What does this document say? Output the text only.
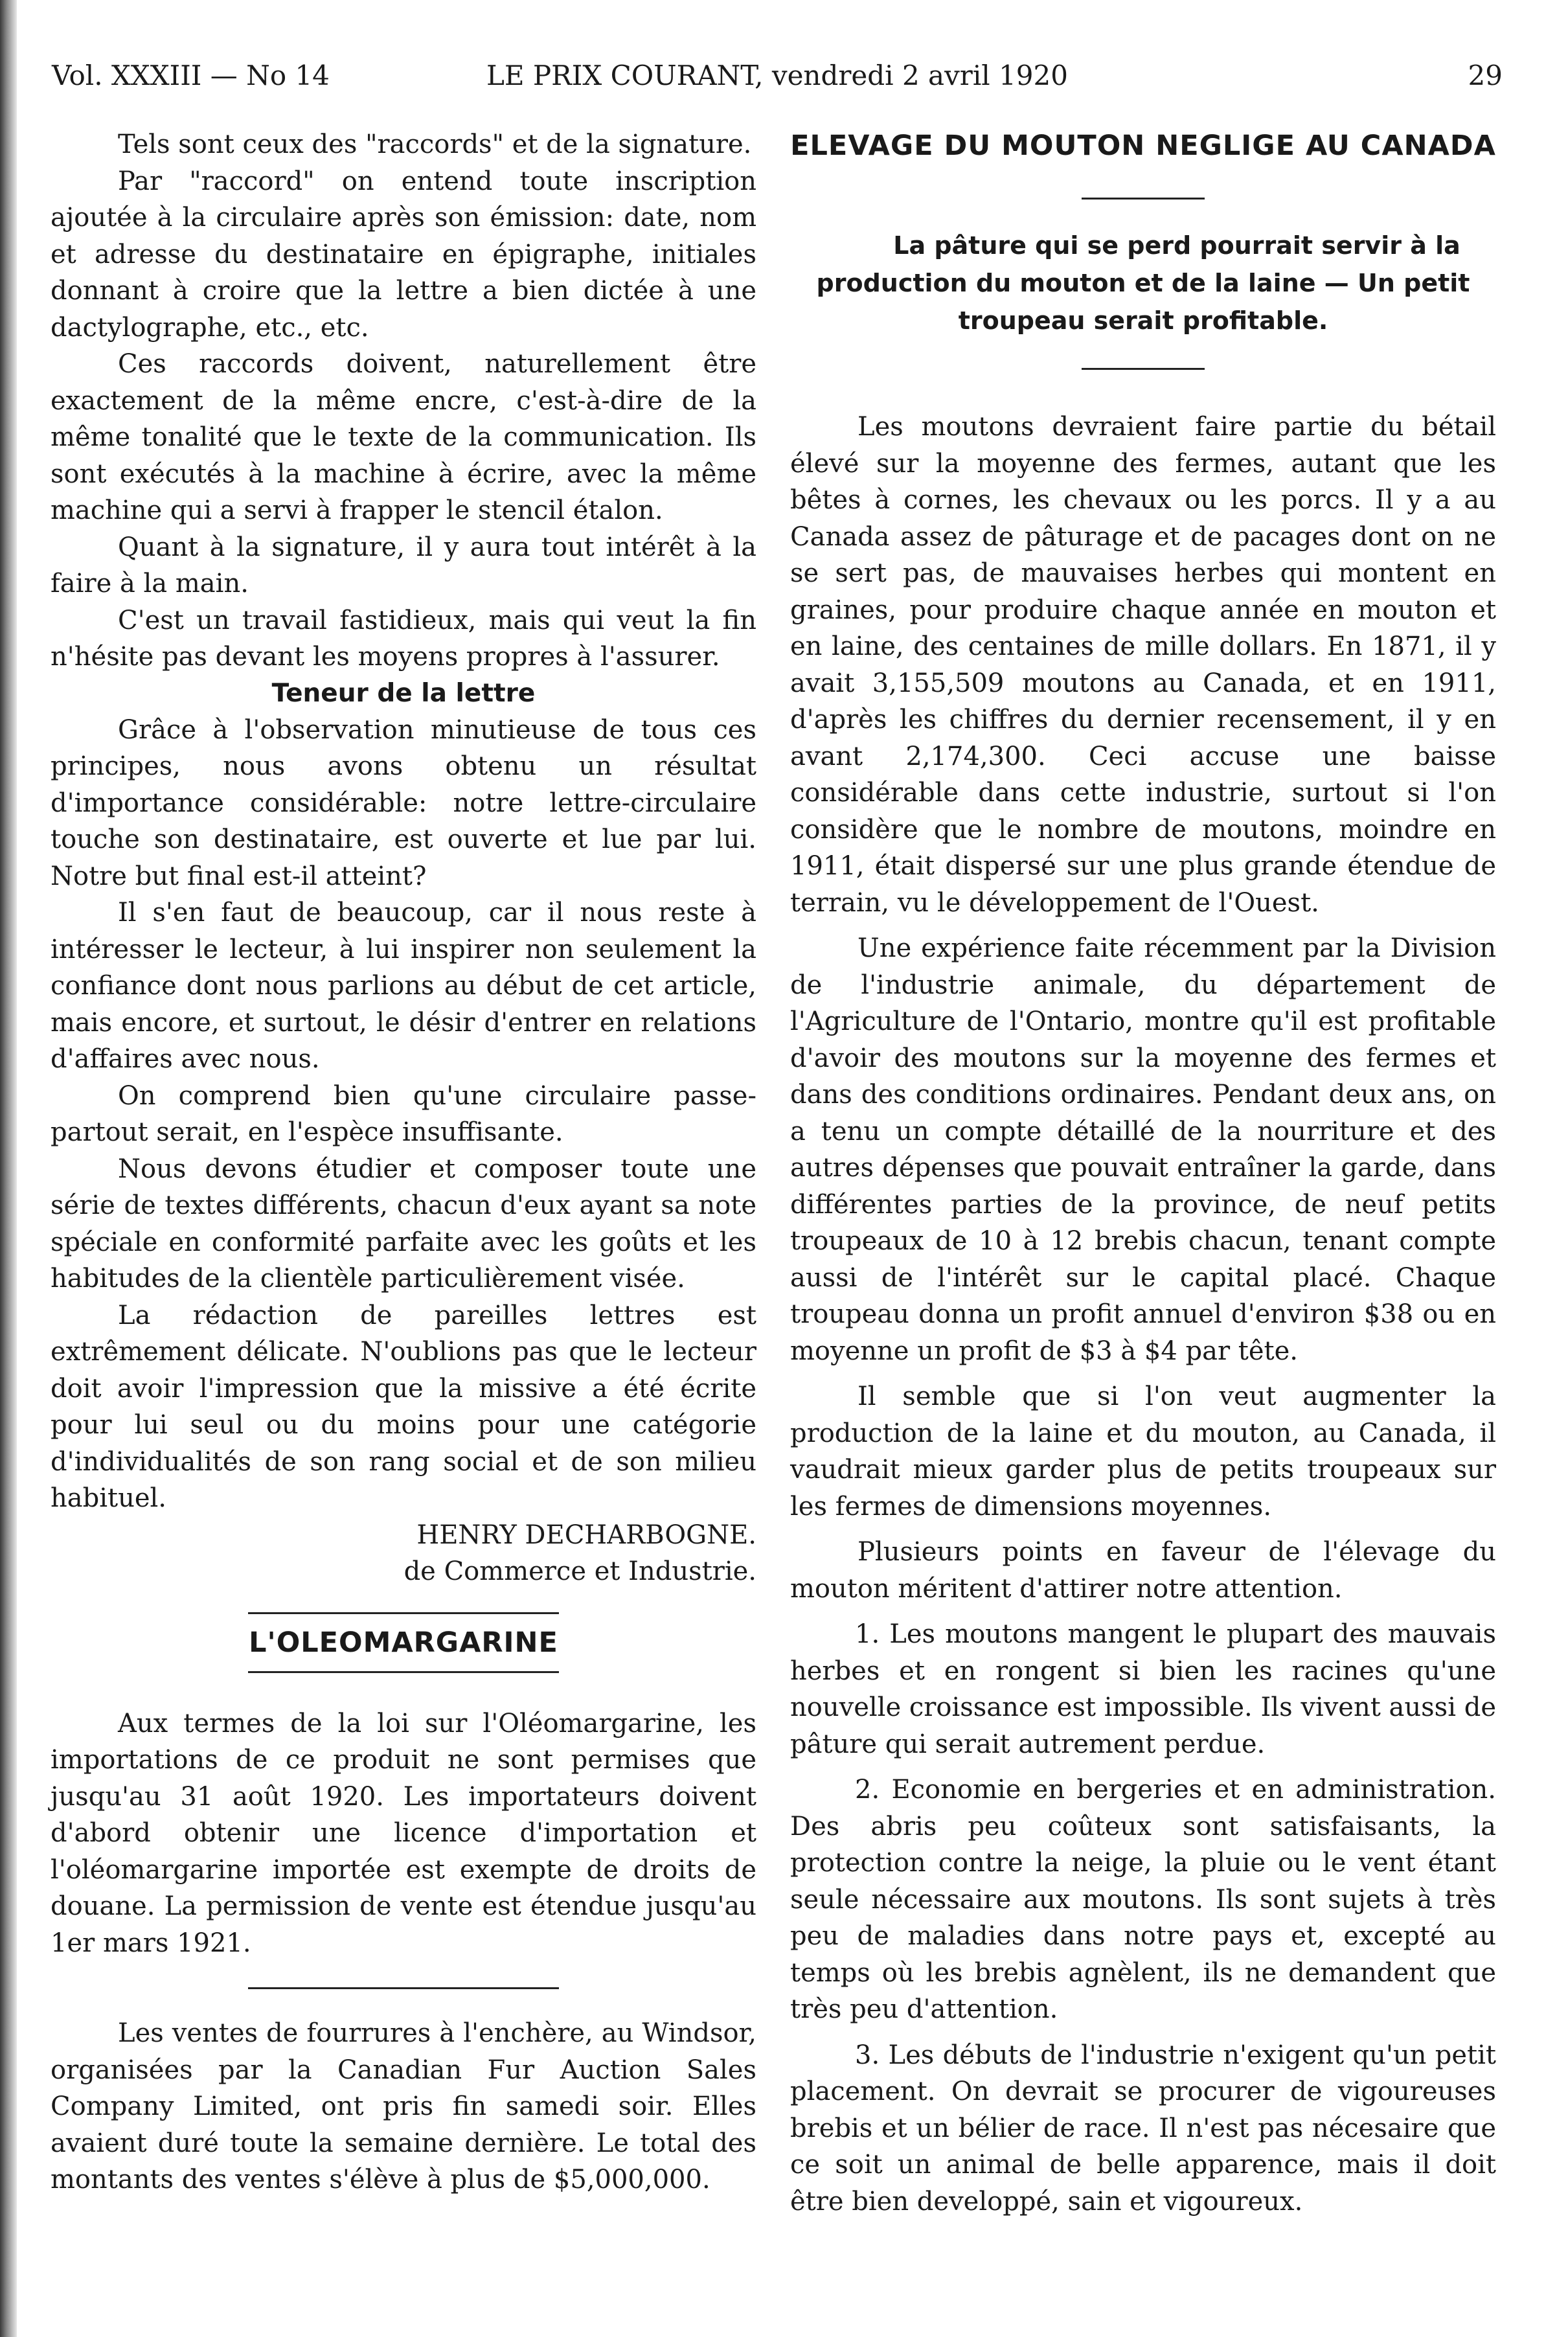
Vol. XXXIII — No 14	LE PRIX COURANT, vendredi 2 avril 1920	29

Tels sont ceux des "raccords" et de la signature.

Par "raccord" on entend toute inscription ajoutée à la circulaire après son émission: date, nom et adresse du destinataire en épigraphe, initiales donnant à croire que la lettre a bien dictée à une dactylographe, etc., etc.

Ces raccords doivent, naturellement être exactement de la même encre, c'est-à-dire de la même tonalité que le texte de la communication. Ils sont exécutés à la machine à écrire, avec la même machine qui a servi à frapper le stencil étalon.

Quant à la signature, il y aura tout intérêt à la faire à la main.

C'est un travail fastidieux, mais qui veut la fin n'hésite pas devant les moyens propres à l'assurer.

Teneur de la lettre

Grâce à l'observation minutieuse de tous ces principes, nous avons obtenu un résultat d'importance considérable: notre lettre-circulaire touche son destinataire, est ouverte et lue par lui. Notre but final est-il atteint?

Il s'en faut de beaucoup, car il nous reste à intéresser le lecteur, à lui inspirer non seulement la confiance dont nous parlions au début de cet article, mais encore, et surtout, le désir d'entrer en relations d'affaires avec nous.

On comprend bien qu'une circulaire passe-partout serait, en l'espèce insuffisante.

Nous devons étudier et composer toute une série de textes différents, chacun d'eux ayant sa note spéciale en conformité parfaite avec les goûts et les habitudes de la clientèle particulièrement visée.

La rédaction de pareilles lettres est extrêmement délicate. N'oublions pas que le lecteur doit avoir l'impression que la missive a été écrite pour lui seul ou du moins pour une catégorie d'individualités de son rang social et de son milieu habituel.

HENRY DECHARBOGNE.

de Commerce et Industrie.

L'OLEOMARGARINE

Aux termes de la loi sur l'Oléomargarine, les importations de ce produit ne sont permises que jusqu'au 31 août 1920. Les importateurs doivent d'abord obtenir une licence d'importation et l'oléomargarine importée est exempte de droits de douane. La permission de vente est étendue jusqu'au 1er mars 1921.

Les ventes de fourrures à l'enchère, au Windsor, organisées par la Canadian Fur Auction Sales Company Limited, ont pris fin samedi soir. Elles avaient duré toute la semaine dernière. Le total des montants des ventes s'élève à plus de $5,000,000.

ELEVAGE DU MOUTON NEGLIGE AU CANADA

La pâture qui se perd pourrait servir à la production du mouton et de la laine — Un petit troupeau serait profitable.

Les moutons devraient faire partie du bétail élevé sur la moyenne des fermes, autant que les bêtes à cornes, les chevaux ou les porcs. Il y a au Canada assez de pâturage et de pacages dont on ne se sert pas, de mauvaises herbes qui montent en graines, pour produire chaque année en mouton et en laine, des centaines de mille dollars. En 1871, il y avait 3,155,509 moutons au Canada, et en 1911, d'après les chiffres du dernier recensement, il y en avant 2,174,300. Ceci accuse une baisse considérable dans cette industrie, surtout si l'on considère que le nombre de moutons, moindre en 1911, était dispersé sur une plus grande étendue de terrain, vu le développement de l'Ouest.

Une expérience faite récemment par la Division de l'industrie animale, du département de l'Agriculture de l'Ontario, montre qu'il est profitable d'avoir des moutons sur la moyenne des fermes et dans des conditions ordinaires. Pendant deux ans, on a tenu un compte détaillé de la nourriture et des autres dépenses que pouvait entraîner la garde, dans différentes parties de la province, de neuf petits troupeaux de 10 à 12 brebis chacun, tenant compte aussi de l'intérêt sur le capital placé. Chaque troupeau donna un profit annuel d'environ $38 ou en moyenne un profit de $3 à $4 par tête.

Il semble que si l'on veut augmenter la production de la laine et du mouton, au Canada, il vaudrait mieux garder plus de petits troupeaux sur les fermes de dimensions moyennes.

Plusieurs points en faveur de l'élevage du mouton méritent d'attirer notre attention.

1. Les moutons mangent le plupart des mauvais herbes et en rongent si bien les racines qu'une nouvelle croissance est impossible. Ils vivent aussi de pâture qui serait autrement perdue.

2. Economie en bergeries et en administration. Des abris peu coûteux sont satisfaisants, la protection contre la neige, la pluie ou le vent étant seule nécessaire aux moutons. Ils sont sujets à très peu de maladies dans notre pays et, excepté au temps où les brebis agnèlent, ils ne demandent que très peu d'attention.

3. Les débuts de l'industrie n'exigent qu'un petit placement. On devrait se procurer de vigoureuses brebis et un bélier de race. Il n'est pas nécesaire que ce soit un animal de belle apparence, mais il doit être bien developpé, sain et vigoureux.
